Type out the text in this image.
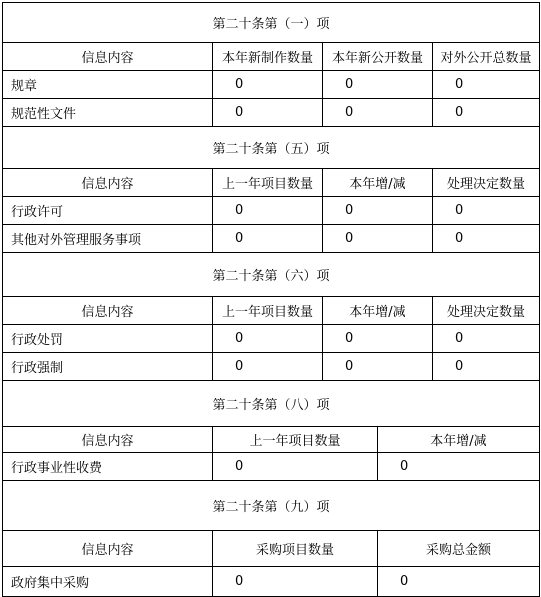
第二十条第（一）项
信息内容	本年新制作数量	本年新公开数量	对外公开总数量
规章	0	0	0
规范性文件	0	0	0
第二十条第（五）项
信息内容	上一年项目数量	本年增/减	处理决定数量
行政许可	0	0	0
其他对外管理服务事项	0	0	0
第二十条第（六）项
信息内容	上一年项目数量	本年增/减	处理决定数量
行政处罚	0	0	0
行政强制	0	0	0
第二十条第（八）项
信息内容	上一年项目数量	本年增/减
行政事业性收费	0	0
第二十条第（九）项
信息内容	采购项目数量	采购总金额
政府集中采购	0	0
